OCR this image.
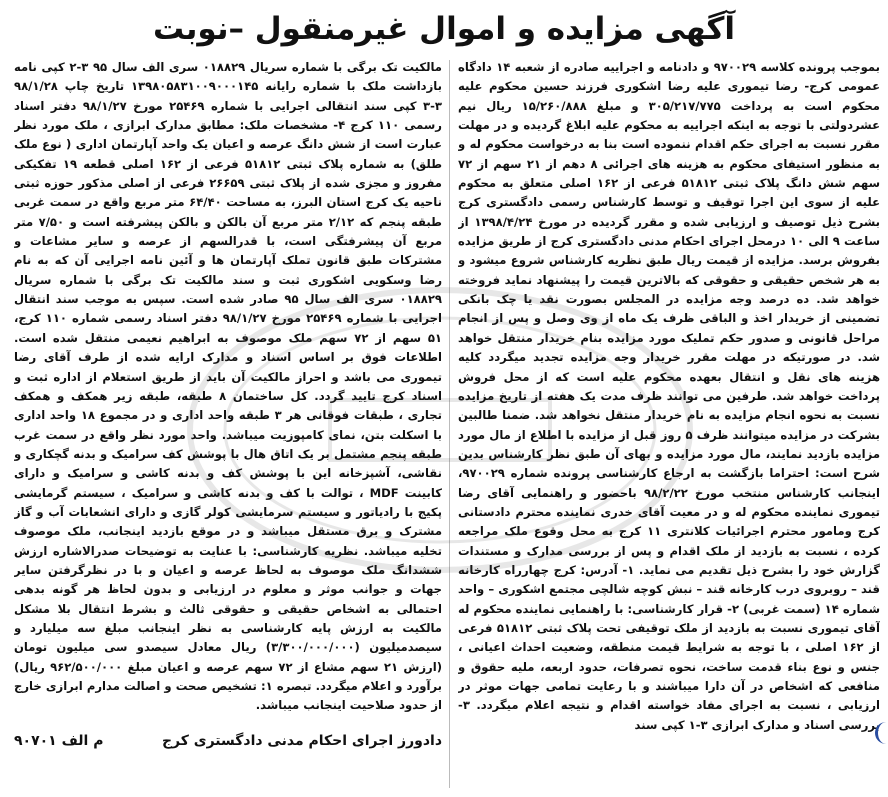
آگهی مزایده و اموال غیرمنقول –نوبت
بموجب پرونده کلاسه ۹۷۰۰۲۹ و دادنامه و اجراییه صادره از شعبه ۱۴ دادگاه عمومی کرج- رضا تیموری علیه رضا اشکوری فرزند حسین محکوم علیه محکوم است به پرداخت ۳۰۵/۲۱۷/۷۷۵ و مبلغ ۱۵/۲۶۰/۸۸۸ ریال نیم عشردولتی با توجه به اینکه اجراییه به محکوم علیه ابلاغ گردیده و در مهلت مقرر نسبت به اجرای حکم اقدام ننموده است بنا به درخواست محکوم له و به منظور استیفای محکوم به هزینه های اجرائی ۸ دهم از ۲۱ سهم از ۷۲ سهم شش دانگ پلاک ثبتی ۵۱۸۱۲ فرعی از ۱۶۲ اصلی متعلق به محکوم علیه از سوی این اجرا توقیف و توسط کارشناس رسمی دادگستری کرج بشرح ذیل توصیف و ارزیابی شده و مقرر گردیده در مورخ ۱۳۹۸/۴/۲۴ از ساعت ۹ الی ۱۰ درمحل اجرای احکام مدنی دادگستری کرج از طریق مزایده بفروش برسد. مزایده از قیمت ریال طبق نظریه کارشناس شروع میشود و به هر شخص حقیقی و حقوقی که بالاترین قیمت را پیشنهاد نماید فروخته خواهد شد. ده درصد وجه مزایده در المجلس بصورت نقد یا چک بانکی تضمینی از خریدار اخذ و الباقی ظرف یک ماه از وی وصل و پس از انجام مراحل قانونی و صدور حکم تملیک مورد مزایده بنام خریدار منتقل خواهد شد. در صورتیکه در مهلت مقرر خریدار وجه مزایده تجدید میگردد کلیه هزینه های نقل و انتقال بعهده محکوم علیه است که از محل فروش پرداخت خواهد شد. طرفین می توانند ظرف مدت یک هفته از تاریخ مزایده نسبت به نحوه انجام مزایده به نام خریدار منتقل نخواهد شد. ضمنا طالبین بشرکت در مزایده میتوانند ظرف ۵ روز قبل از مزایده با اطلاع از مال مورد مزایده بازدید نمایند، مال مورد مزایده و بهای آن طبق نظر کارشناس بدین شرح است: احتراما بازگشت به ارجاع کارشناسی پرونده شماره ۹۷۰۰۲۹، اینجانب کارشناس منتخب مورخ ۹۸/۲/۲۲ باحضور و راهنمایی آقای رضا تیموری نماینده محکوم له و در معیت آقای خدری نماینده محترم دادستانی کرج ومامور محترم اجرائیات کلانتری ۱۱ کرج به محل وقوع ملک مراجعه کرده ، نسبت به بازدید از ملک اقدام و پس از بررسی مدارک و مستندات گزارش خود را بشرح ذیل تقدیم می نماید. ۱- آدرس: کرج چهارراه کارخانه قند – روبروی درب کارخانه قند – نبش کوچه شالچی مجتمع اشکوری – واحد شماره ۱۴ (سمت غربی) ۲- قرار کارشناسی: با راهنمایی نماینده محکوم له آقای تیموری نسبت به بازدید از ملک توقیفی تحت پلاک ثبتی ۵۱۸۱۲ فرعی از ۱۶۲ اصلی ، با توجه به شرایط قیمت منطقه، وضعیت احداث اعیانی ، جنس و نوع بناء قدمت ساخت، نحوه تصرفات، حدود اربعه، ملیه حقوق و منافعی که اشخاص در آن دارا میباشند و با رعایت تمامی جهات موثر در ارزیابی ، نسبت به اجرای مفاد خواسته اقدام و نتیجه اعلام میگردد. ۳- بررسی اسناد و مدارک ابرازی ۳-۱ کپی سند
مالکیت تک برگی با شماره سریال ۰۱۸۸۲۹ سری الف سال ۹۵ ۳-۲ کپی نامه بازداشت ملک با شماره رایانه ۱۳۹۸۰۵۸۳۱۰۰۹۰۰۰۱۴۵ تاریخ چاپ ۹۸/۱/۲۸ ۳-۳ کپی سند انتقالی اجرایی با شماره ۲۵۴۶۹ مورخ ۹۸/۱/۲۷ دفتر اسناد رسمی ۱۱۰ کرج ۴- مشخصات ملک: مطابق مدارک ابرازی ، ملک مورد نظر عبارت است از شش دانگ عرصه و اعیان یک واحد آپارتمان اداری ( نوع ملک طلق) به شماره پلاک ثبتی ۵۱۸۱۲ فرعی از ۱۶۲ اصلی قطعه ۱۹ تفکیکی مفروز و مجزی شده از پلاک ثبتی ۲۶۶۵۹ فرعی از اصلی مذکور حوزه ثبتی ناحیه یک کرج استان البرز، به مساحت ۶۴/۴۰ متر مربع واقع در سمت غربی طبقه پنجم که ۲/۱۲ متر مربع آن بالکن و بالکن پیشرفته است و ۷/۵۰ متر مربع آن پیشرفتگی است، با قدرالسهم از عرصه و سایر مشاعات و مشترکات طبق قانون تملک آپارتمان ها و آئین نامه اجرایی آن که به نام رضا وسکویی اشکوری ثبت و سند مالکیت تک برگی با شماره سریال ۰۱۸۸۲۹ سری الف سال ۹۵ صادر شده است. سپس به موجب سند انتقال اجرایی با شماره ۲۵۴۶۹ مورخ ۹۸/۱/۲۷ دفتر اسناد رسمی شماره ۱۱۰ کرج، ۵۱ سهم از ۷۲ سهم ملک موصوف به ابراهیم نعیمی منتقل شده است. اطلاعات فوق بر اساس اسناد و مدارک ارایه شده از طرف آقای رضا تیموری می باشد و احراز مالکیت آن باید از طریق استعلام از اداره ثبت و اسناد کرج تایید گردد. کل ساختمان ۸ طبقه، طبقه زیر همکف و همکف تجاری ، طبقات فوقانی هر ۳ طبقه واحد اداری و در مجموع ۱۸ واحد اداری با اسکلت بتن، نمای کامپوزیت میباشد. واحد مورد نظر واقع در سمت غرب طبقه پنجم مشتمل بر یک اتاق هال با پوشش کف سرامیک و بدنه گچکاری و نقاشی، آشپزخانه این با پوشش کف و بدنه کاشی و سرامیک و دارای کابینت MDF ، توالت با کف و بدنه کاشی و سرامیک ، سیستم گرمایشی پکیج با رادیاتور و سیستم سرمایشی کولر گازی و دارای انشعابات آب و گاز مشترک و برق مستقل میباشد و در موقع بازدید اینجانب، ملک موصوف تخلیه میباشد. نظریه کارشناسی: با عنایت به توضیحات صدرالاشاره ارزش ششدانگ ملک موصوف به لحاظ عرصه و اعیان و با در نظرگرفتن سایر جهات و جوانب موثر و معلوم در ارزیابی و بدون لحاظ هر گونه بدهی احتمالی به اشخاص حقیقی و حقوقی ثالث و بشرط انتقال بلا مشکل مالکیت به ارزش پایه کارشناسی به نظر اینجانب مبلغ سه میلیارد و سیصدمیلیون (۳/۳۰۰/۰۰۰/۰۰۰) ریال معادل سیصدو سی میلیون تومان (ارزش ۲۱ سهم مشاع از ۷۲ سهم عرصه و اعیان مبلغ ۹۶۲/۵۰۰/۰۰۰ ریال) برآورد و اعلام میگردد. تبصره ۱: تشخیص صحت و اصالت مدارم ابرازی خارج از حدود صلاحیت اینجانب میباشد.
م الف ۹۰۷۰۱	دادورز اجرای احکام مدنی دادگستری کرج
